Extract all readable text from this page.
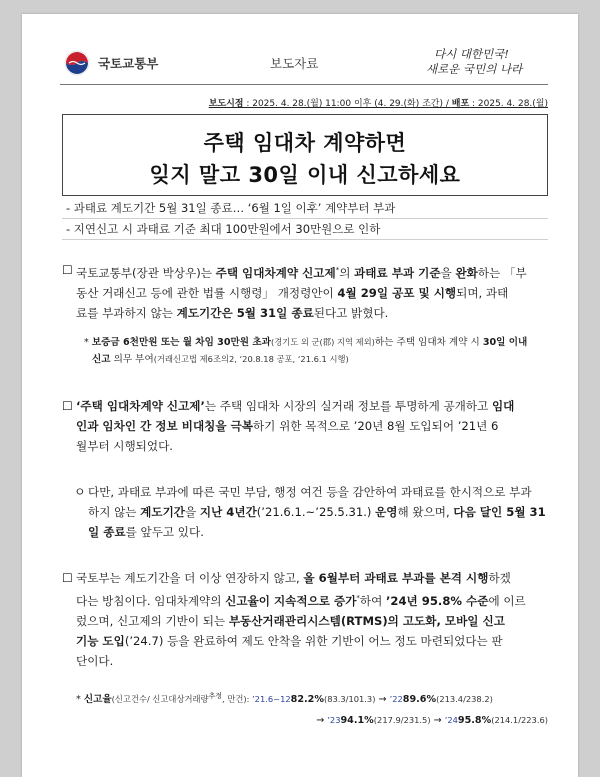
국토교통부	보도자료
다시 대한민국!
새로운 국민의 나라
보도시점 : 2025. 4. 28.(월) 11:00 이후 (4. 29.(화) 조간) / 배포 : 2025. 4. 28.(월)
주택 임대차 계약하면
잊지 말고 30일 이내 신고하세요
- 과태료 계도기간 5월 31일 종료… ‘6월 1일 이후’ 계약부터 부과
- 지연신고 시 과태료 기준 최대 100만원에서 30만원으로 인하
☐ 국토교통부(장관 박상우)는 주택 임대차계약 신고제*의 과태료 부과 기준을 완화하는 「부
동산 거래신고 등에 관한 법률 시행령」 개정령안이 4월 29일 공포 및 시행되며, 과태
료를 부과하지 않는 계도기간은 5월 31일 종료된다고 밝혔다.
* 보증금 6천만원 또는 월 차임 30만원 초과(경기도 외 군(郡) 지역 제외)하는 주택 임대차 계약 시 30일 이내
신고 의무 부여(거래신고법 제6조의2, ‘20.8.18 공포, ‘21.6.1 시행)
☐ ‘주택 임대차계약 신고제’는 주택 임대차 시장의 실거래 정보를 투명하게 공개하고 임대
인과 임차인 간 정보 비대칭을 극복하기 위한 목적으로 ’20년 8월 도입되어 ’21년 6
월부터 시행되었다.
ㅇ 다만, 과태료 부과에 따른 국민 부담, 행정 여건 등을 감안하여 과태료를 한시적으로 부과
하지 않는 계도기간을 지난 4년간(’21.6.1.~’25.5.31.) 운영해 왔으며, 다음 달인 5월 31
일 종료를 앞두고 있다.
☐ 국토부는 계도기간을 더 이상 연장하지 않고, 올 6월부터 과태료 부과를 본격 시행하겠
다는 방침이다. 임대차계약의 신고율이 지속적으로 증가*하여 ’24년 95.8% 수준에 이르
렀으며, 신고제의 기반이 되는 부동산거래관리시스템(RTMS)의 고도화, 모바일 신고
기능 도입(’24.7) 등을 완료하여 제도 안착을 위한 기반이 어느 정도 마련되었다는 판
단이다.
* 신고율(신고건수/ 신고대상거래량$^{추정}$, 만건): ’21.6~1282.2%(83.3/101.3) → ’2289.6%(213.4/238.2)
→ ’2394.1%(217.9/231.5) → ’2495.8%(214.1/223.6)
